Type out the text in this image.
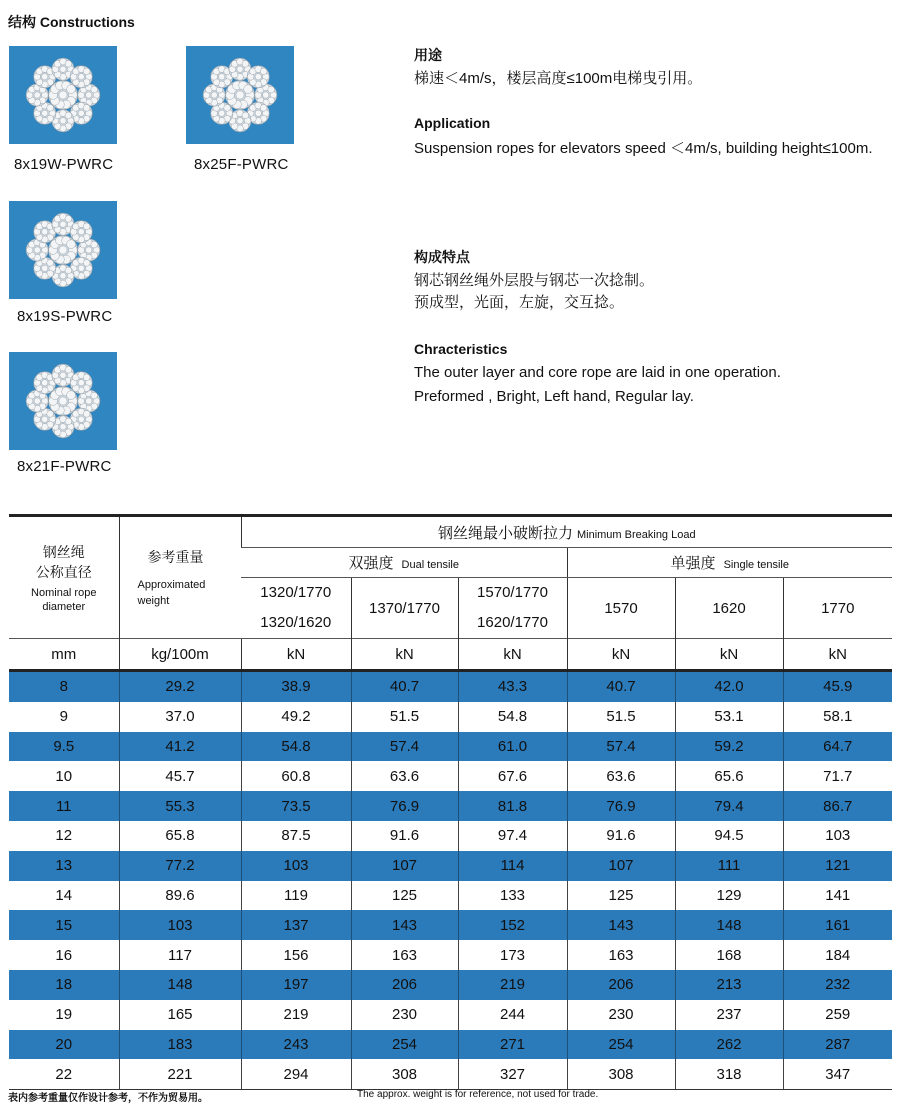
结构 Constructions
8x19W-PWRC	8x25F-PWRC
8x19S-PWRC
8x21F-PWRC
用途
梯速＜4m/s，楼层高度≤100m电梯曳引用。
Application
Suspension ropes for elevators speed ＜4m/s, building height≤100m.
构成特点
钢芯钢丝绳外层股与钢芯一次捻制。
预成型，光面，左旋，交互捻。
Chracteristics
The outer layer and core rope are laid in one operation.
Preformed , Bright, Left hand, Regular lay.
钢丝绳
公称直径
Nominal rope diameter	参考重量
Approximated weight	钢丝绳最小破断拉力 Minimum Breaking Load					
		双强度 Dual tensile			单强度 Single tensile		

		1320/1770
1320/1620	1370/1770	1570/1770
1620/1770	1570	1620	1770
mm	kg/100m	kN	kN	kN	kN	kN	kN
8	29.2	38.9	40.7	43.3	40.7	42.0	45.9
9	37.0	49.2	51.5	54.8	51.5	53.1	58.1
9.5	41.2	54.8	57.4	61.0	57.4	59.2	64.7
10	45.7	60.8	63.6	67.6	63.6	65.6	71.7
11	55.3	73.5	76.9	81.8	76.9	79.4	86.7
12	65.8	87.5	91.6	97.4	91.6	94.5	103
13	77.2	103	107	114	107	111	121
14	89.6	119	125	133	125	129	141
15	103	137	143	152	143	148	161
16	117	156	163	173	163	168	184
18	148	197	206	219	206	213	232
19	165	219	230	244	230	237	259
20	183	243	254	271	254	262	287
22	221	294	308	327	308	318	347
表内参考重量仅作设计参考，不作为贸易用。	The approx. weight is for reference, not used for trade.
